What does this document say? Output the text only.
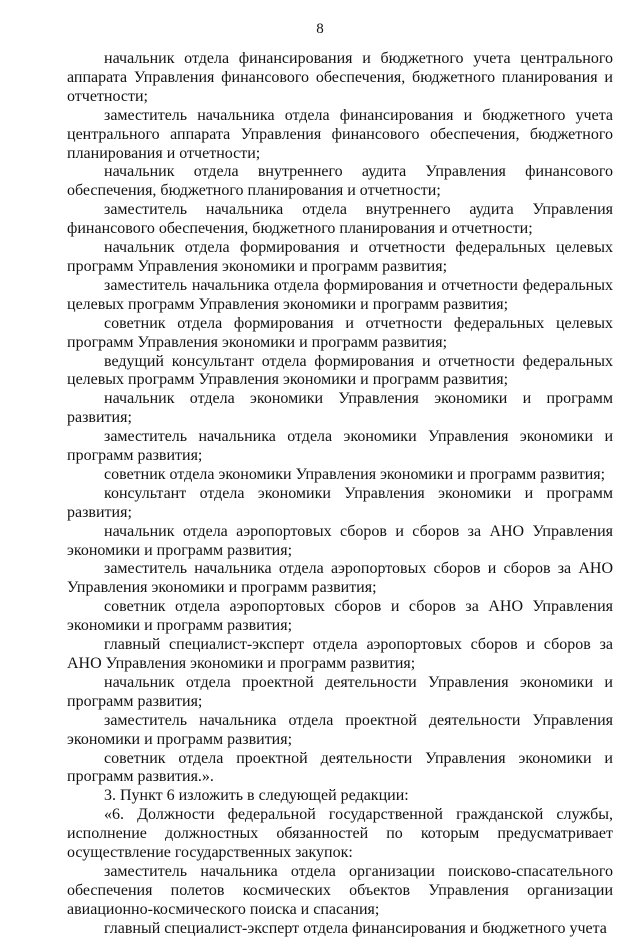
8

начальник отдела финансирования и бюджетного учета центрального аппарата Управления финансового обеспечения, бюджетного планирования и отчетности;

заместитель начальника отдела финансирования и бюджетного учета центрального аппарата Управления финансового обеспечения, бюджетного планирования и отчетности;

начальник отдела внутреннего аудита Управления финансового обеспечения, бюджетного планирования и отчетности;

заместитель начальника отдела внутреннего аудита Управления финансового обеспечения, бюджетного планирования и отчетности;

начальник отдела формирования и отчетности федеральных целевых программ Управления экономики и программ развития;

заместитель начальника отдела формирования и отчетности федеральных целевых программ Управления экономики и программ развития;

советник отдела формирования и отчетности федеральных целевых программ Управления экономики и программ развития;

ведущий консультант отдела формирования и отчетности федеральных целевых программ Управления экономики и программ развития;

начальник отдела экономики Управления экономики и программ развития;

заместитель начальника отдела экономики Управления экономики и программ развития;

советник отдела экономики Управления экономики и программ развития;

консультант отдела экономики Управления экономики и программ развития;

начальник отдела аэропортовых сборов и сборов за АНО Управления экономики и программ развития;

заместитель начальника отдела аэропортовых сборов и сборов за АНО Управления экономики и программ развития;

советник отдела аэропортовых сборов и сборов за АНО Управления экономики и программ развития;

главный специалист-эксперт отдела аэропортовых сборов и сборов за АНО Управления экономики и программ развития;

начальник отдела проектной деятельности Управления экономики и программ развития;

заместитель начальника отдела проектной деятельности Управления экономики и программ развития;

советник отдела проектной деятельности Управления экономики и программ развития.».

3. Пункт 6 изложить в следующей редакции:

«6. Должности федеральной государственной гражданской службы, исполнение должностных обязанностей по которым предусматривает осуществление государственных закупок:

заместитель начальника отдела организации поисково-спасательного обеспечения полетов космических объектов Управления организации авиационно-космического поиска и спасания;

главный специалист-эксперт отдела финансирования и бюджетного учета
